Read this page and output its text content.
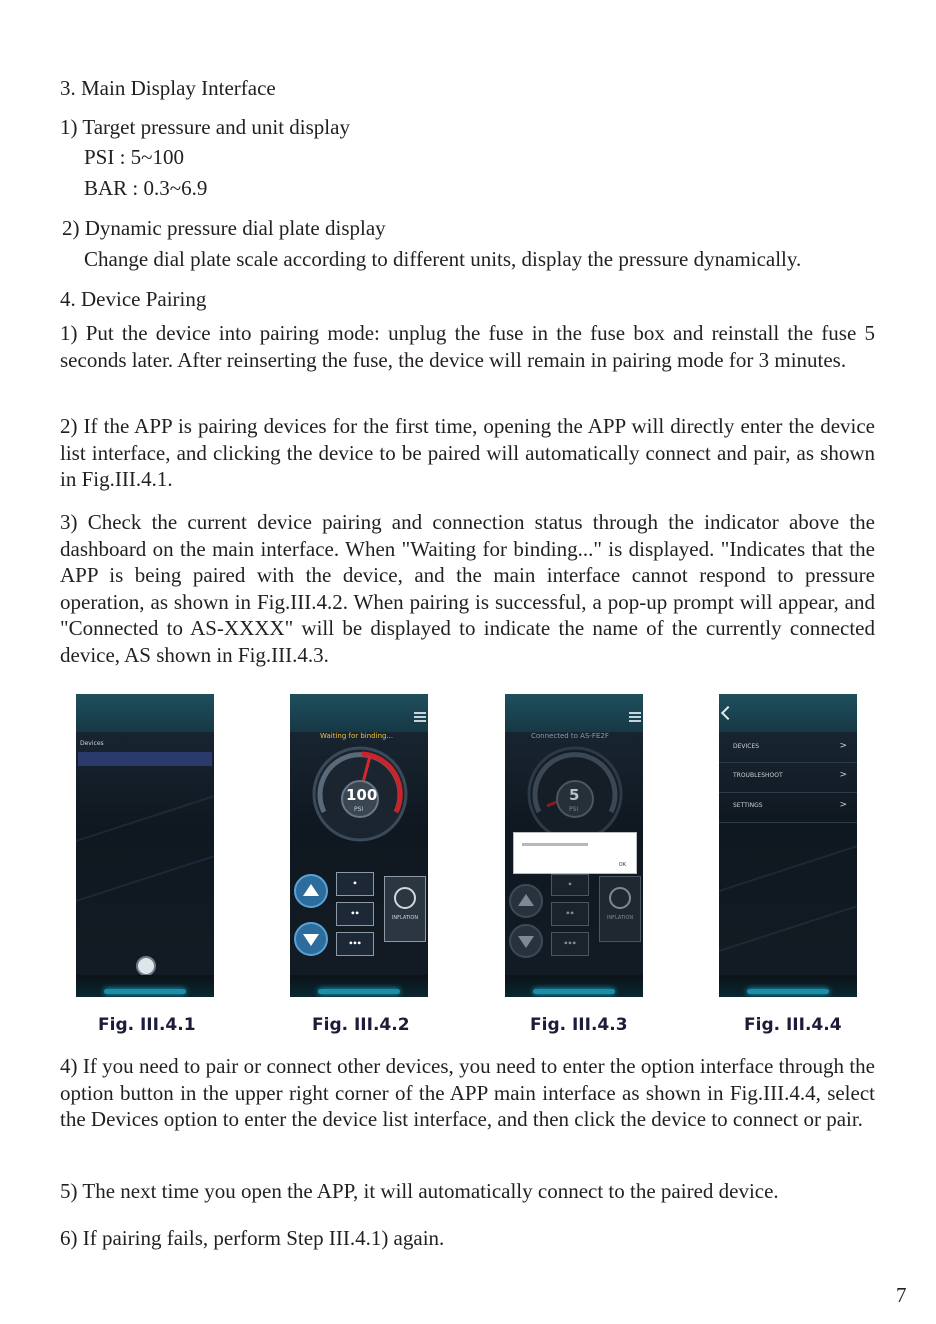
3. Main Display Interface
1) Target pressure and unit display
PSI : 5~100
BAR : 0.3~6.9
2) Dynamic pressure dial plate display
Change dial plate scale according to different units, display the pressure dynamically.
4. Device Pairing
1) Put the device into pairing mode: unplug the fuse in the fuse box and reinstall the fuse 5 seconds later. After reinserting the fuse, the device will remain in pairing mode for 3 minutes.
2) If the APP is pairing devices for the first time, opening the APP will directly enter the device list interface, and clicking the device to be paired will automatically connect and pair, as shown in Fig.III.4.1.
3) Check the current device pairing and connection status through the indicator above the dashboard on the main interface. When "Waiting for binding..." is displayed. "Indicates that the APP is being paired with the device, and the main interface cannot respond to pressure operation, as shown in Fig.III.4.2. When pairing is successful, a pop-up prompt will appear, and "Connected to AS-XXXX" will be displayed to indicate the name of the currently connected device, AS shown in Fig.III.4.3.
Devices
Waiting for binding...
100
PSI
•
••
•••
INFLATION
Connected to AS-FE2F
5
PSI
OK
•
••
•••
INFLATION
DEVICES	>
TROUBLESHOOT	>
SETTINGS	>
Fig. III.4.1	Fig. III.4.2	Fig. III.4.3	Fig. III.4.4
4) If you need to pair or connect other devices, you need to enter the option interface through the option button in the upper right corner of the APP main interface as shown in Fig.III.4.4, select the Devices option to enter the device list interface, and then click the device to connect or pair.
5) The next time you open the APP, it will automatically connect to the paired device.
6) If pairing fails, perform Step III.4.1) again.
7
